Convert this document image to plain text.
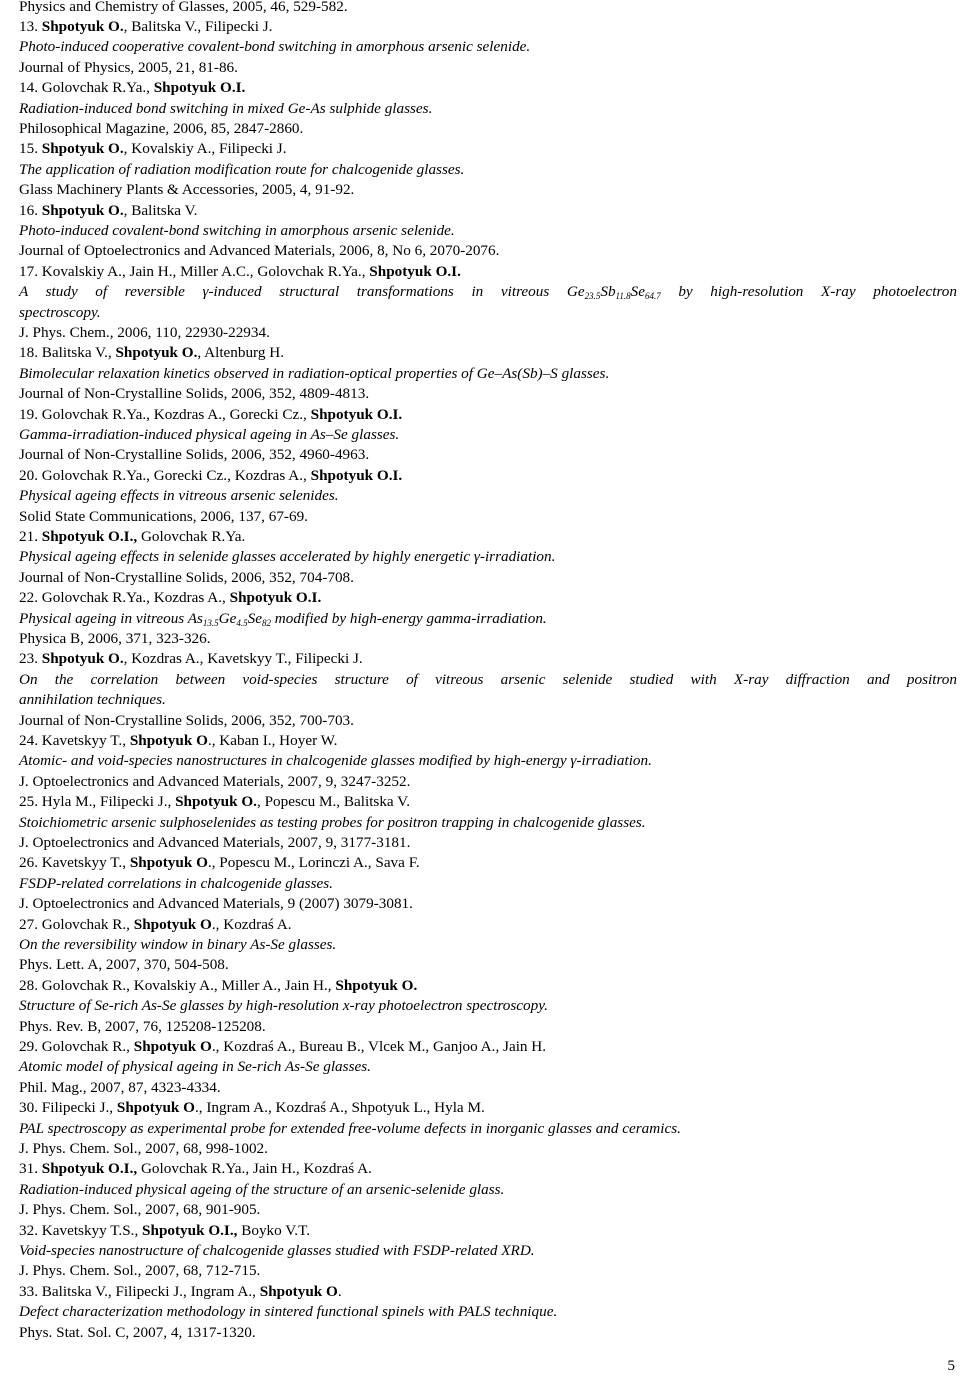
Physics and Chemistry of Glasses, 2005, 46, 529-582.
13. Shpotyuk O., Balitska V., Filipecki J.
Photo-induced cooperative covalent-bond switching in amorphous arsenic selenide.
Journal of Physics, 2005, 21, 81-86.
14. Golovchak R.Ya., Shpotyuk O.I.
Radiation-induced bond switching in mixed Ge-As sulphide glasses.
Philosophical Magazine, 2006, 85, 2847-2860.
15. Shpotyuk O., Kovalskiy A., Filipecki J.
The application of radiation modification route for chalcogenide glasses.
Glass Machinery Plants & Accessories, 2005, 4, 91-92.
16. Shpotyuk O., Balitska V.
Photo-induced covalent-bond switching in amorphous arsenic selenide.
Journal of Optoelectronics and Advanced Materials, 2006, 8, No 6, 2070-2076.
17. Kovalskiy A., Jain H., Miller A.C., Golovchak R.Ya., Shpotyuk O.I.
A study of reversible γ-induced structural transformations in vitreous $Ge_{23.5}Sb_{11.8}Se_{64.7}$ by high-resolution X-ray photoelectron
spectroscopy.
J. Phys. Chem., 2006, 110, 22930-22934.
18. Balitska V., Shpotyuk O., Altenburg H.
Bimolecular relaxation kinetics observed in radiation-optical properties of Ge–As(Sb)–S glasses.
Journal of Non-Crystalline Solids, 2006, 352, 4809-4813.
19. Golovchak R.Ya., Kozdras A., Gorecki Cz., Shpotyuk O.I.
Gamma-irradiation-induced physical ageing in As–Se glasses.
Journal of Non-Crystalline Solids, 2006, 352, 4960-4963.
20. Golovchak R.Ya., Gorecki Cz., Kozdras A., Shpotyuk O.I.
Physical ageing effects in vitreous arsenic selenides.
Solid State Communications, 2006, 137, 67-69.
21. Shpotyuk O.I., Golovchak R.Ya.
Physical ageing effects in selenide glasses accelerated by highly energetic γ-irradiation.
Journal of Non-Crystalline Solids, 2006, 352, 704-708.
22. Golovchak R.Ya., Kozdras A., Shpotyuk O.I.
Physical ageing in vitreous $As_{13.5}Ge_{4.5}Se_{82}$ modified by high-energy gamma-irradiation.
Physica B, 2006, 371, 323-326.
23. Shpotyuk O., Kozdras A., Kavetskyy T., Filipecki J.
On the correlation between void-species structure of vitreous arsenic selenide studied with X-ray diffraction and positron
annihilation techniques.
Journal of Non-Crystalline Solids, 2006, 352, 700-703.
24. Kavetskyy T., Shpotyuk O., Kaban I., Hoyer W.
Atomic- and void-species nanostructures in chalcogenide glasses modified by high-energy γ-irradiation.
J. Optoelectronics and Advanced Materials, 2007, 9, 3247-3252.
25. Hyla M., Filipecki J., Shpotyuk O., Popescu M., Balitska V.
Stoichiometric arsenic sulphoselenides as testing probes for positron trapping in chalcogenide glasses.
J. Optoelectronics and Advanced Materials, 2007, 9, 3177-3181.
26. Kavetskyy T., Shpotyuk O., Popescu M., Lorinczi A., Sava F.
FSDP-related correlations in chalcogenide glasses.
J. Optoelectronics and Advanced Materials, 9 (2007) 3079-3081.
27. Golovchak R., Shpotyuk O., Kozdraś A.
On the reversibility window in binary As-Se glasses.
Phys. Lett. A, 2007, 370, 504-508.
28. Golovchak R., Kovalskiy A., Miller A., Jain H., Shpotyuk O.
Structure of Se-rich As-Se glasses by high-resolution x-ray photoelectron spectroscopy.
Phys. Rev. B, 2007, 76, 125208-125208.
29. Golovchak R., Shpotyuk O., Kozdraś A., Bureau B., Vlcek M., Ganjoo A., Jain H.
Atomic model of physical ageing in Se-rich As-Se glasses.
Phil. Mag., 2007, 87, 4323-4334.
30. Filipecki J., Shpotyuk O., Ingram A., Kozdraś A., Shpotyuk L., Hyla M.
PAL spectroscopy as experimental probe for extended free-volume defects in inorganic glasses and ceramics.
J. Phys. Chem. Sol., 2007, 68, 998-1002.
31. Shpotyuk O.I., Golovchak R.Ya., Jain H., Kozdraś A.
Radiation-induced physical ageing of the structure of an arsenic-selenide glass.
J. Phys. Chem. Sol., 2007, 68, 901-905.
32. Kavetskyy T.S., Shpotyuk O.I., Boyko V.T.
Void-species nanostructure of chalcogenide glasses studied with FSDP-related XRD.
J. Phys. Chem. Sol., 2007, 68, 712-715.
33. Balitska V., Filipecki J., Ingram A., Shpotyuk O.
Defect characterization methodology in sintered functional spinels with PALS technique.
Phys. Stat. Sol. C, 2007, 4, 1317-1320.
5
